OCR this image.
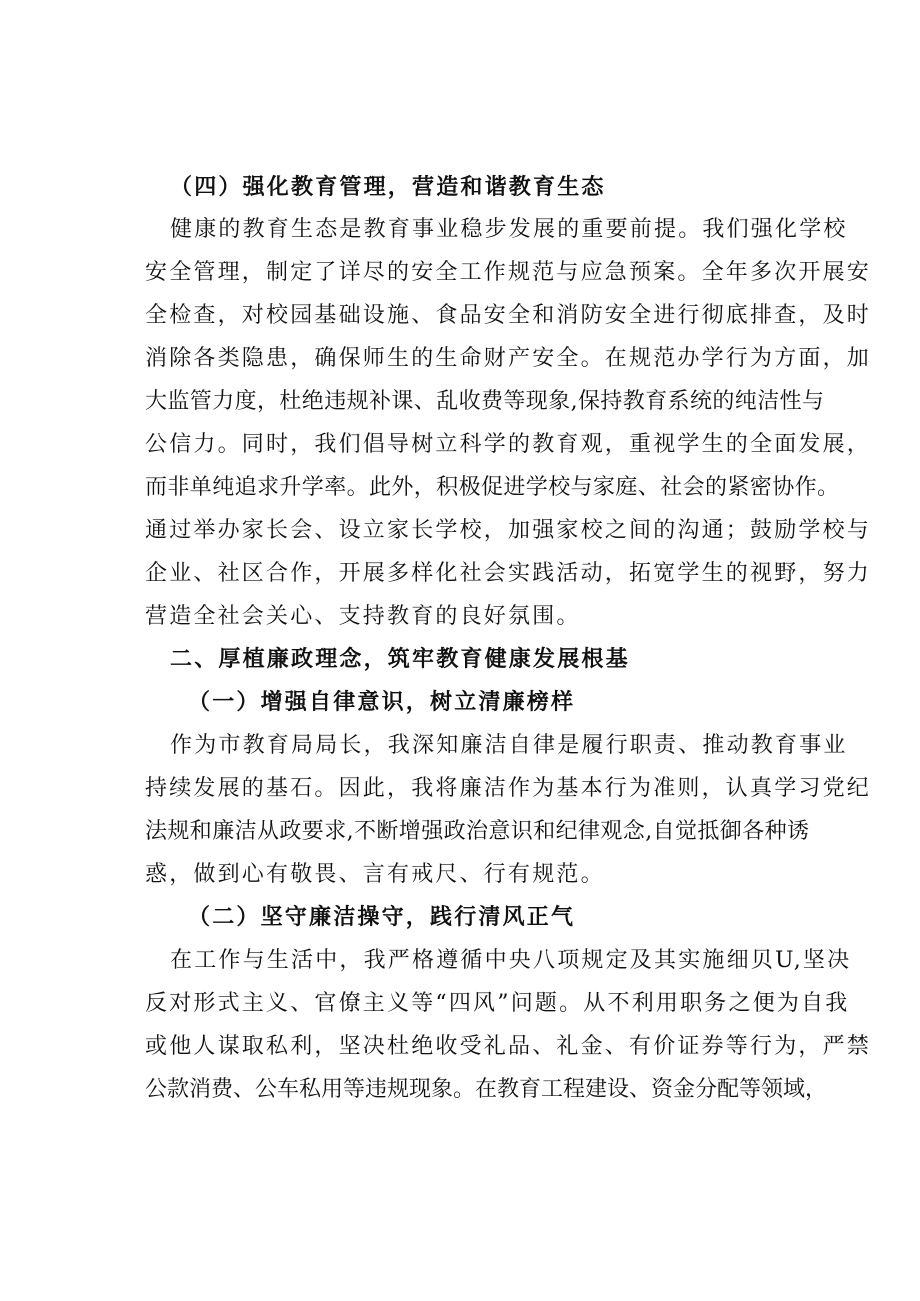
（四）强化教育管理，营造和谐教育生态
健康的教育生态是教育事业稳步发展的重要前提。我们强化学校
安全管理，制定了详尽的安全工作规范与应急预案。全年多次开展安
全检查，对校园基础设施、食品安全和消防安全进行彻底排查，及时
消除各类隐患，确保师生的生命财产安全。在规范办学行为方面，加
大监管力度，杜绝违规补课、乱收费等现象,保持教育系统的纯洁性与
公信力。同时，我们倡导树立科学的教育观，重视学生的全面发展，
而非单纯追求升学率。此外，积极促进学校与家庭、社会的紧密协作。
通过举办家长会、设立家长学校，加强家校之间的沟通；鼓励学校与
企业、社区合作，开展多样化社会实践活动，拓宽学生的视野，努力
营造全社会关心、支持教育的良好氛围。
二、厚植廉政理念，筑牢教育健康发展根基
（一）增强自律意识，树立清廉榜样
作为市教育局局长，我深知廉洁自律是履行职责、推动教育事业
持续发展的基石。因此，我将廉洁作为基本行为准则，认真学习党纪
法规和廉洁从政要求,不断增强政治意识和纪律观念,自觉抵御各种诱
惑，做到心有敬畏、言有戒尺、行有规范。
（二）坚守廉洁操守，践行清风正气
在工作与生活中，我严格遵循中央八项规定及其实施细贝U,坚决
反对形式主义、官僚主义等“四风”问题。从不利用职务之便为自我
或他人谋取私利，坚决杜绝收受礼品、礼金、有价证券等行为，严禁
公款消费、公车私用等违规现象。在教育工程建设、资金分配等领域，
